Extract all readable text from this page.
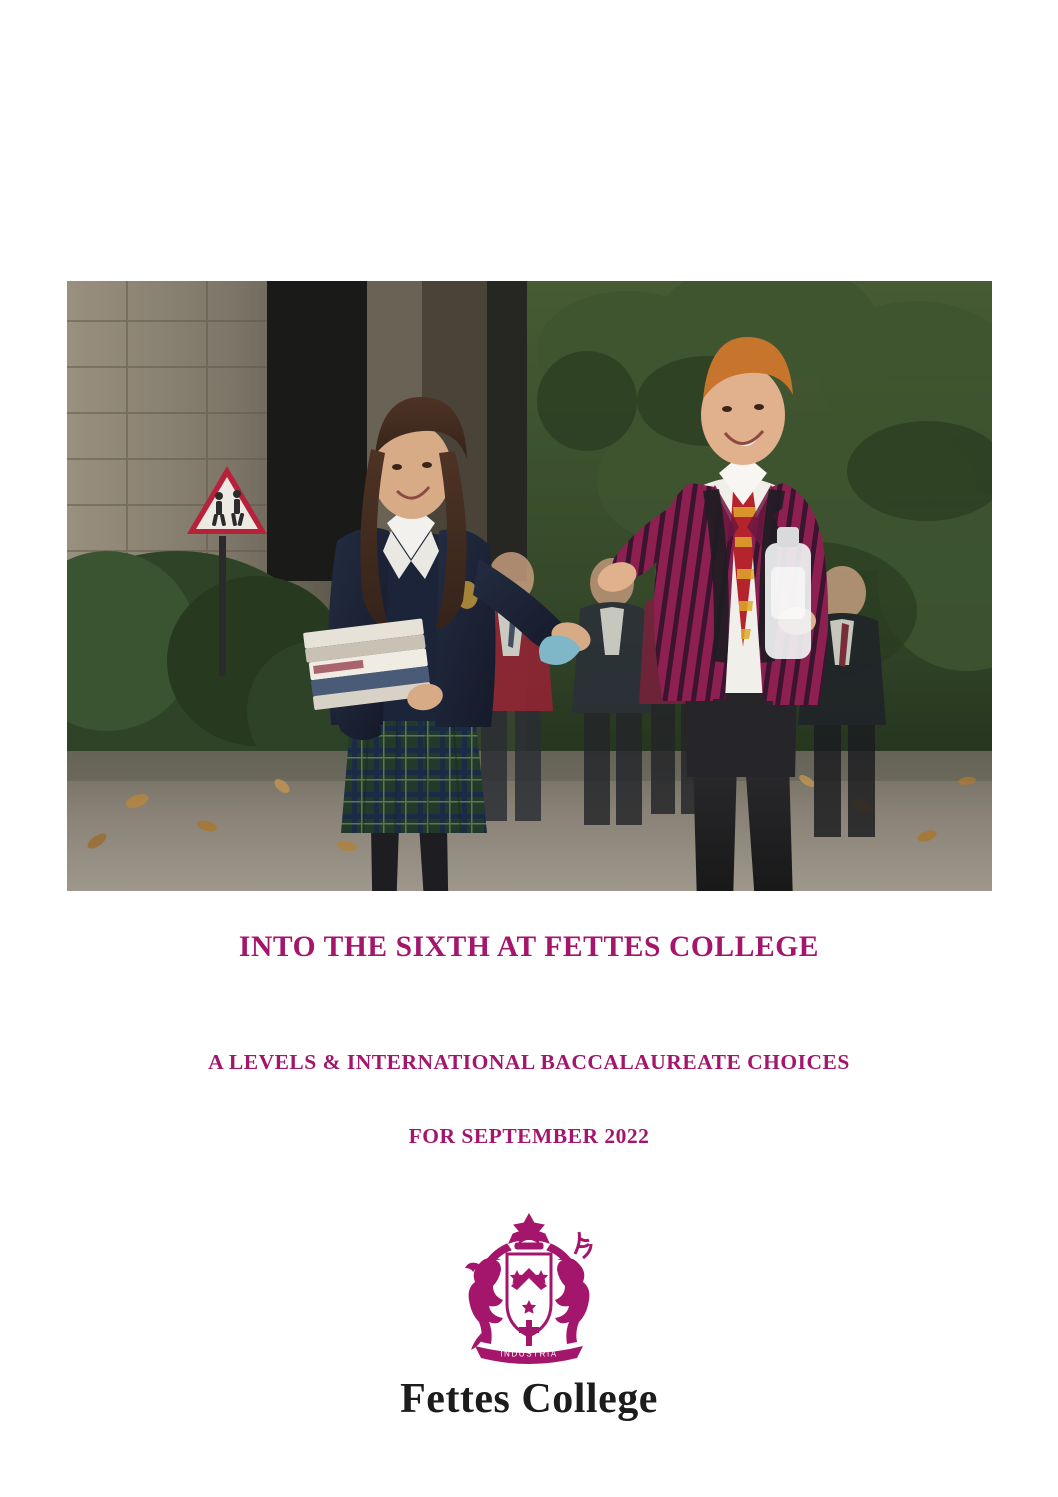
INTO THE SIXTH AT FETTES COLLEGE

A LEVELS & INTERNATIONAL BACCALAUREATE CHOICES

FOR SEPTEMBER 2022

INDUSTRIA
Fettes College
